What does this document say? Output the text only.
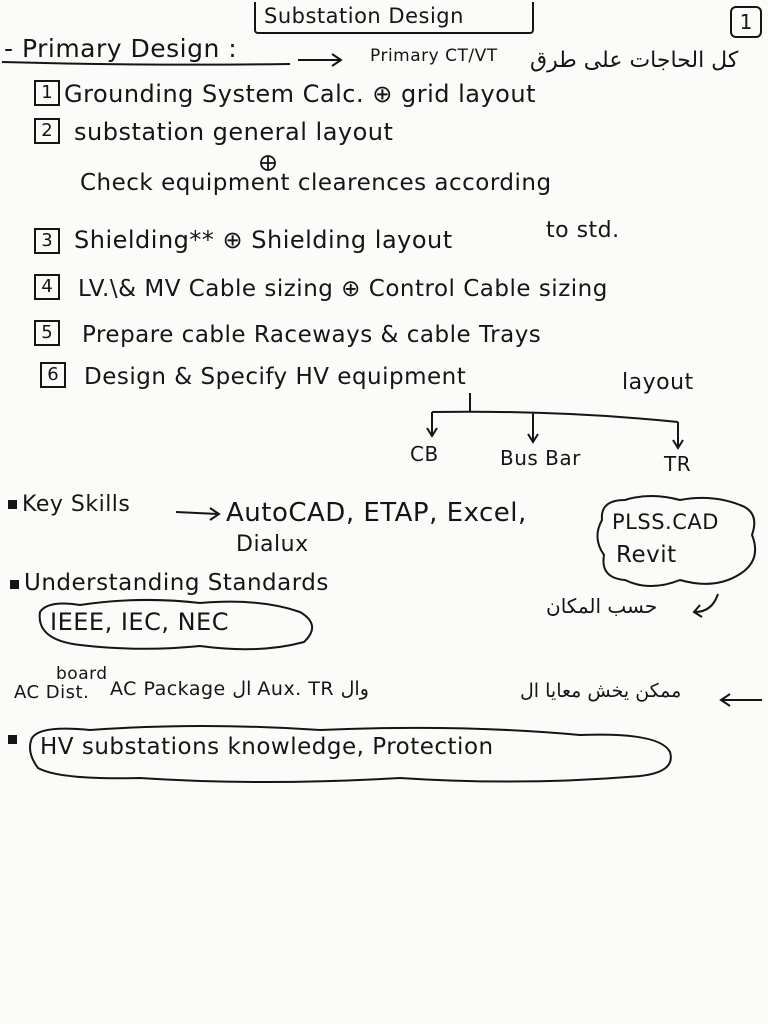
Substation Design	1
- Primary Design :	Primary CT/VT كل الحاجات على طرق
1 Grounding System Calc. ⊕ grid layout
2 substation general layout
Check equipment clearences according
to std.
3 Shielding** ⊕ Shielding layout
4	LV.\& MV Cable sizing ⊕ Control Cable sizing
5	Prepare cable Raceways & cable Trays
layout
6	Design & Specify HV equipment
CB	Bus Bar	TR
Key Skills	AutoCAD, ETAP, Excel,
Dialux
PLSS.CAD
Revit
حسب المكان
Understanding Standards
IEEE, IEC, NEC
board
AC Package ال Aux. TR وال	ممكن يخش معايا ال
AC Dist.
HV substations knowledge, Protection
